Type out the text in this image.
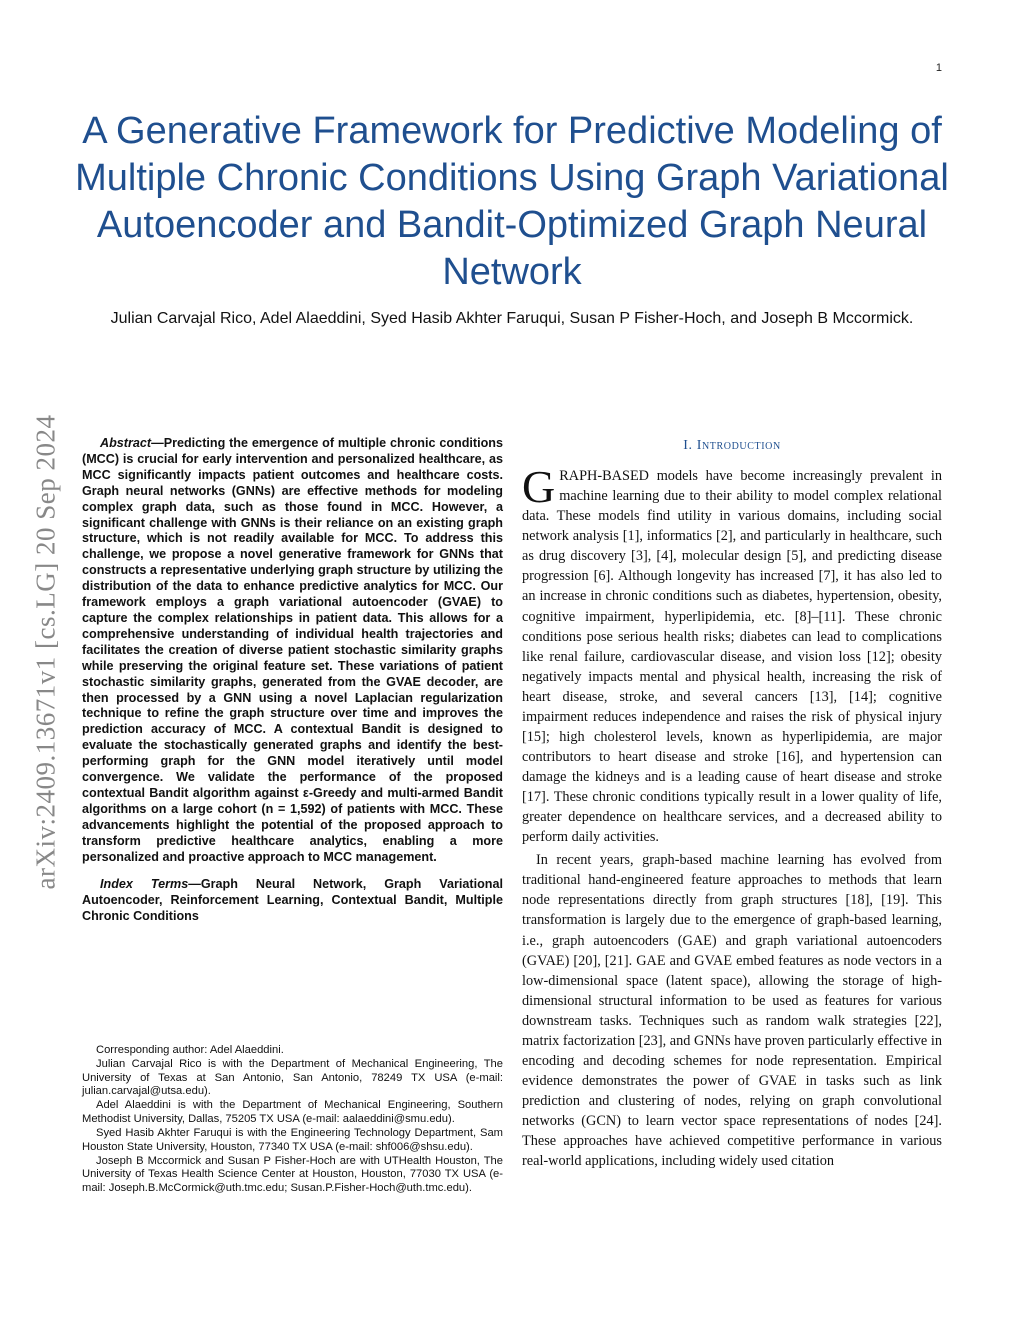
1
A Generative Framework for Predictive Modeling of Multiple Chronic Conditions Using Graph Variational Autoencoder and Bandit-Optimized Graph Neural Network
Julian Carvajal Rico, Adel Alaeddini, Syed Hasib Akhter Faruqui, Susan P Fisher-Hoch, and Joseph B Mccormick.
arXiv:2409.13671v1 [cs.LG] 20 Sep 2024	Abstract—Predicting the emergence of multiple chronic conditions (MCC) is crucial for early intervention and personalized healthcare, as MCC significantly impacts patient outcomes and healthcare costs. Graph neural networks (GNNs) are effective methods for modeling complex graph data, such as those found in MCC. However, a significant challenge with GNNs is their reliance on an existing graph structure, which is not readily available for MCC. To address this challenge, we propose a novel generative framework for GNNs that constructs a representative underlying graph structure by utilizing the distribution of the data to enhance predictive analytics for MCC. Our framework employs a graph variational autoencoder (GVAE) to capture the complex relationships in patient data. This allows for a comprehensive understanding of individual health trajectories and facilitates the creation of diverse patient stochastic similarity graphs while preserving the original feature set. These variations of patient stochastic similarity graphs, generated from the GVAE decoder, are then processed by a GNN using a novel Laplacian regularization technique to refine the graph structure over time and improves the prediction accuracy of MCC. A contextual Bandit is designed to evaluate the stochastically generated graphs and identify the best-performing graph for the GNN model iteratively until model convergence. We validate the performance of the proposed contextual Bandit algorithm against ε-Greedy and multi-armed Bandit algorithms on a large cohort (n = 1,592) of patients with MCC. These advancements highlight the potential of the proposed approach to transform predictive healthcare analytics, enabling a more personalized and proactive approach to MCC management.

Index Terms—Graph Neural Network, Graph Variational Autoencoder, Reinforcement Learning, Contextual Bandit, Multiple Chronic Conditions

Corresponding author: Adel Alaeddini.

Julian Carvajal Rico is with the Department of Mechanical Engineering, The University of Texas at San Antonio, San Antonio, 78249 TX USA (e-mail: julian.carvajal@utsa.edu).

Adel Alaeddini is with the Department of Mechanical Engineering, Southern Methodist University, Dallas, 75205 TX USA (e-mail: aalaeddini@smu.edu).

Syed Hasib Akhter Faruqui is with the Engineering Technology Department, Sam Houston State University, Houston, 77340 TX USA (e-mail: shf006@shsu.edu).

Joseph B Mccormick and Susan P Fisher-Hoch are with UTHealth Houston, The University of Texas Health Science Center at Houston, Houston, 77030 TX USA (e-mail: Joseph.B.McCormick@uth.tmc.edu; Susan.P.Fisher-Hoch@uth.tmc.edu).

I. Introduction

GRAPH-BASED models have become increasingly prevalent in machine learning due to their ability to model complex relational data. These models find utility in various domains, including social network analysis [1], informatics [2], and particularly in healthcare, such as drug discovery [3], [4], molecular design [5], and predicting disease progression [6]. Although longevity has increased [7], it has also led to an increase in chronic conditions such as diabetes, hypertension, obesity, cognitive impairment, hyperlipidemia, etc. [8]–[11]. These chronic conditions pose serious health risks; diabetes can lead to complications like renal failure, cardiovascular disease, and vision loss [12]; obesity negatively impacts mental and physical health, increasing the risk of heart disease, stroke, and several cancers [13], [14]; cognitive impairment reduces independence and raises the risk of physical injury [15]; high cholesterol levels, known as hyperlipidemia, are major contributors to heart disease and stroke [16], and hypertension can damage the kidneys and is a leading cause of heart disease and stroke [17]. These chronic conditions typically result in a lower quality of life, greater dependence on healthcare services, and a decreased ability to perform daily activities.

In recent years, graph-based machine learning has evolved from traditional hand-engineered feature approaches to methods that learn node representations directly from graph structures [18], [19]. This transformation is largely due to the emergence of graph-based learning, i.e., graph autoencoders (GAE) and graph variational autoencoders (GVAE) [20], [21]. GAE and GVAE embed features as node vectors in a low-dimensional space (latent space), allowing the storage of high-dimensional structural information to be used as features for various downstream tasks. Techniques such as random walk strategies [22], matrix factorization [23], and GNNs have proven particularly effective in encoding and decoding schemes for node representation. Empirical evidence demonstrates the power of GVAE in tasks such as link prediction and clustering of nodes, relying on graph convolutional networks (GCN) to learn vector space representations of nodes [24]. These approaches have achieved competitive performance in various real-world applications, including widely used citation
